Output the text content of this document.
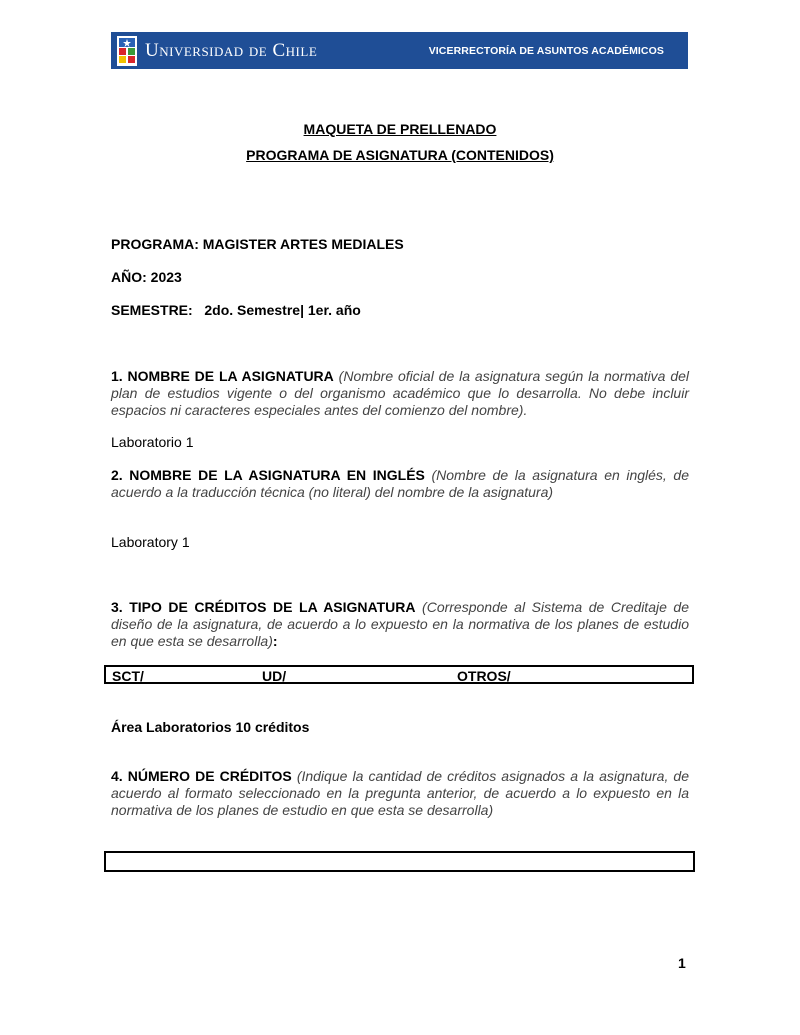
Universidad de Chile	VICERRECTORÍA DE ASUNTOS ACADÉMICOS
MAQUETA DE PRELLENADO
PROGRAMA DE ASIGNATURA (CONTENIDOS)
PROGRAMA: MAGISTER ARTES MEDIALES
AÑO: 2023
SEMESTRE: 2do. Semestre| 1er. año
1. NOMBRE DE LA ASIGNATURA (Nombre oficial de la asignatura según la normativa del plan de estudios vigente o del organismo académico que lo desarrolla. No debe incluir espacios ni caracteres especiales antes del comienzo del nombre).
Laboratorio 1
2. NOMBRE DE LA ASIGNATURA EN INGLÉS (Nombre de la asignatura en inglés, de acuerdo a la traducción técnica (no literal) del nombre de la asignatura)
Laboratory 1
3. TIPO DE CRÉDITOS DE LA ASIGNATURA (Corresponde al Sistema de Creditaje de diseño de la asignatura, de acuerdo a lo expuesto en la normativa de los planes de estudio en que esta se desarrolla):
SCT/	UD/	OTROS/
Área Laboratorios 10 créditos
4. NÚMERO DE CRÉDITOS (Indique la cantidad de créditos asignados a la asignatura, de acuerdo al formato seleccionado en la pregunta anterior, de acuerdo a lo expuesto en la normativa de los planes de estudio en que esta se desarrolla)
1
